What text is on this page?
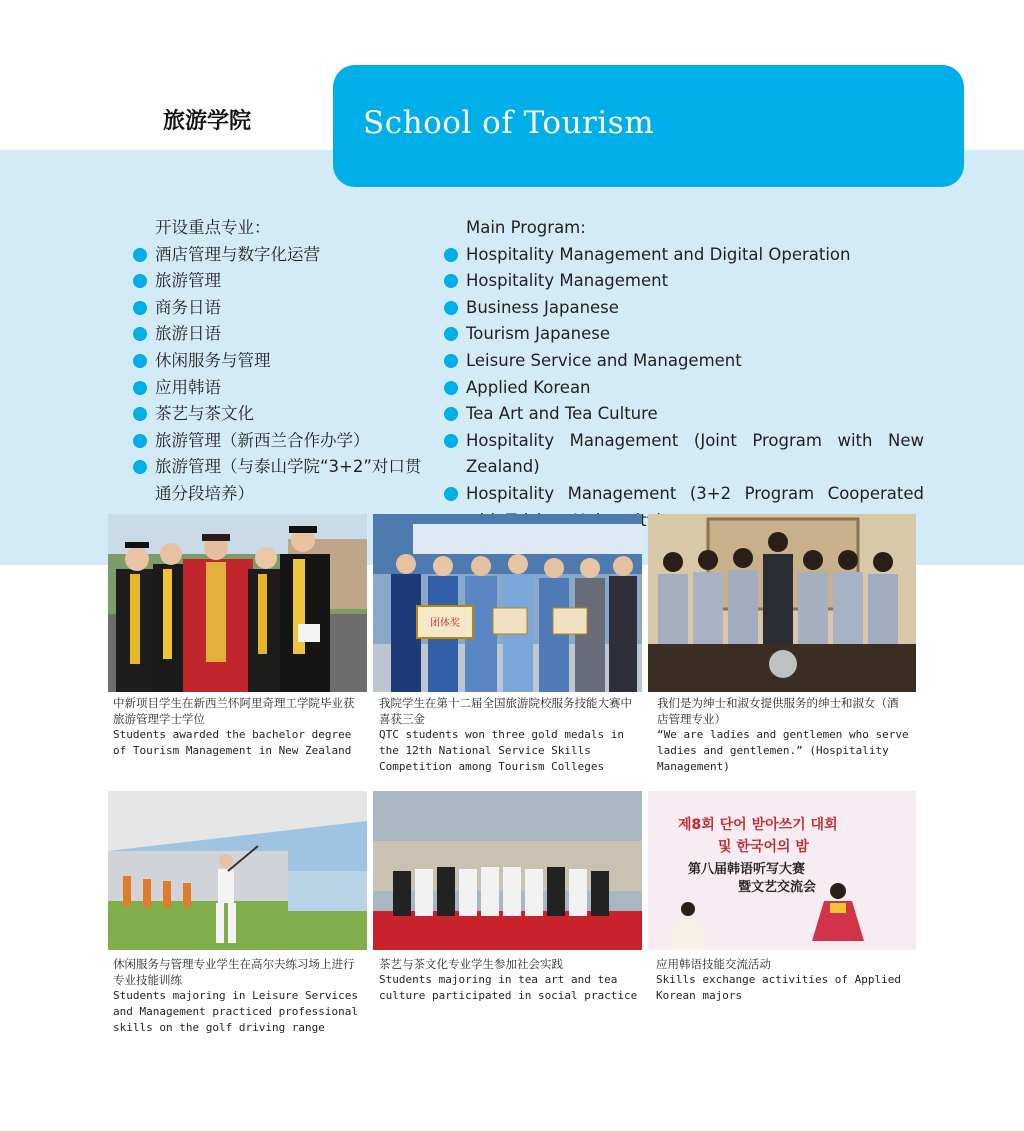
旅游学院	School of Tourism
开设重点专业：
酒店管理与数字化运营
旅游管理
商务日语
旅游日语
休闲服务与管理
应用韩语
茶艺与茶文化
旅游管理（新西兰合作办学）
旅游管理（与泰山学院“3+2”对口贯通分段培养）
Main Program:
Hospitality Management and Digital Operation
Hospitality Management
Business Japanese
Tourism Japanese
Leisure Service and Management
Applied Korean
Tea Art and Tea Culture
Hospitality Management (Joint Program with New Zealand)
Hospitality Management (3+2 Program Cooperated
团体奖
中新项目学生在新西兰怀阿里奇理工学院毕业获旅游管理学士学位
Students awarded the bachelor degree of Tourism Management in New Zealand
我院学生在第十二届全国旅游院校服务技能大赛中喜获三金
QTC students won three gold medals in the 12th National Service Skills Competition among Tourism Colleges
我们是为绅士和淑女提供服务的绅士和淑女（酒店管理专业）
“We are ladies and gentlemen who serve ladies and gentlemen.” (Hospitality Management)
제8회 단어 받아쓰기 대회
및 한국어의 밤
第八届韩语听写大赛
暨文艺交流会
休闲服务与管理专业学生在高尔夫练习场上进行专业技能训练
Students majoring in Leisure Services and Management practiced professional skills on the golf driving range
茶艺与茶文化专业学生参加社会实践
Students majoring in tea art and tea culture participated in social practice
应用韩语技能交流活动
Skills exchange activities of Applied Korean majors
